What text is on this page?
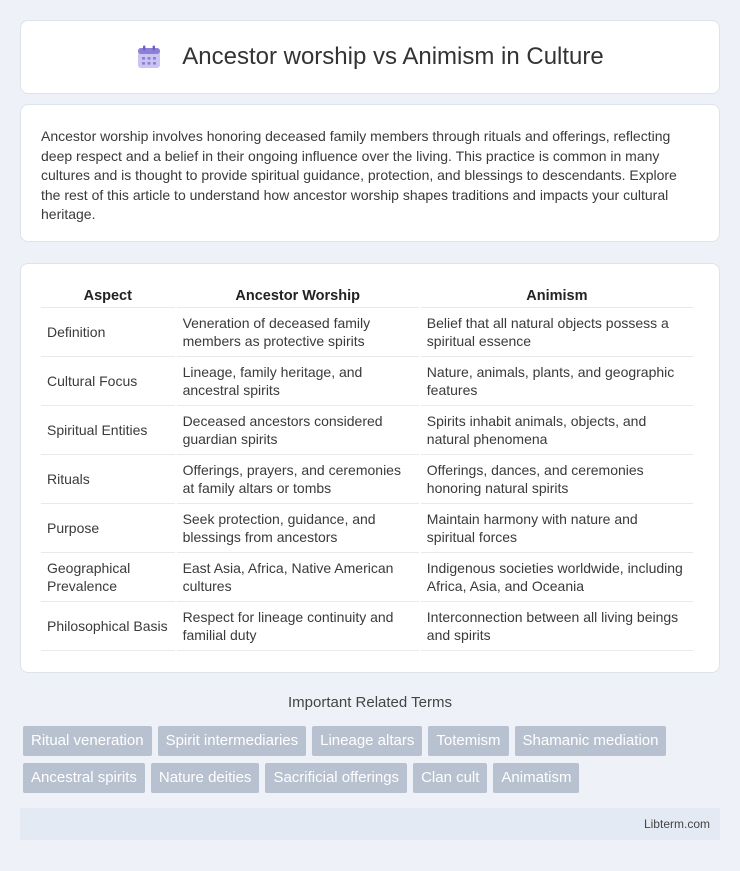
Ancestor worship vs Animism in Culture

Ancestor worship involves honoring deceased family members through rituals and offerings, reflecting deep respect and a belief in their ongoing influence over the living. This practice is common in many cultures and is thought to provide spiritual guidance, protection, and blessings to descendants. Explore the rest of this article to understand how ancestor worship shapes traditions and impacts your cultural heritage.

Aspect	Ancestor Worship	Animism
Definition	Veneration of deceased family members as protective spirits	Belief that all natural objects possess a spiritual essence
Cultural Focus	Lineage, family heritage, and ancestral spirits	Nature, animals, plants, and geographic features
Spiritual Entities	Deceased ancestors considered guardian spirits	Spirits inhabit animals, objects, and natural phenomena
Rituals	Offerings, prayers, and ceremonies at family altars or tombs	Offerings, dances, and ceremonies honoring natural spirits
Purpose	Seek protection, guidance, and blessings from ancestors	Maintain harmony with nature and spiritual forces
Geographical Prevalence	East Asia, Africa, Native American cultures	Indigenous societies worldwide, including Africa, Asia, and Oceania
Philosophical Basis	Respect for lineage continuity and familial duty	Interconnection between all living beings and spirits
Important Related Terms
Ritual veneration	Spirit intermediaries	Lineage altars	Totemism	Shamanic mediation
Ancestral spirits	Nature deities	Sacrificial offerings	Clan cult	Animatism
Libterm.com
